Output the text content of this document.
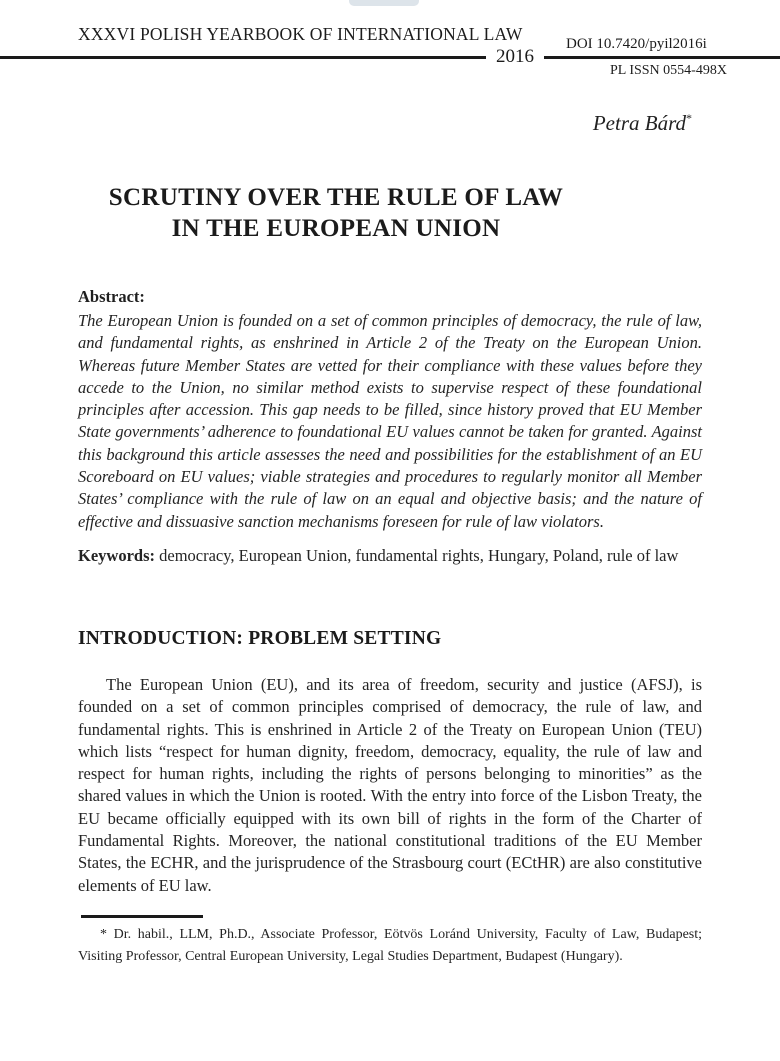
XXXVI POLISH YEARBOOK OF INTERNATIONAL LAW
2016
DOI 10.7420/pyil2016i
PL ISSN 0554-498X
Petra Bárd*
SCRUTINY OVER THE RULE OF LAW
IN THE EUROPEAN UNION
Abstract:
The European Union is founded on a set of common principles of democracy, the rule of law, and fundamental rights, as enshrined in Article 2 of the Treaty on the European Union. Whereas future Member States are vetted for their compliance with these values before they accede to the Union, no similar method exists to supervise respect of these foundational principles after accession. This gap needs to be filled, since history proved that EU Member State governments’ adherence to foundational EU values cannot be taken for granted. Against this background this article assesses the need and possibilities for the establishment of an EU Scoreboard on EU values; viable strategies and procedures to regularly monitor all Member States’ compliance with the rule of law on an equal and objective basis; and the nature of effective and dissuasive sanction mechanisms foreseen for rule of law violators.
Keywords: democracy, European Union, fundamental rights, Hungary, Poland, rule of law
INTRODUCTION: PROBLEM SETTING
The European Union (EU), and its area of freedom, security and justice (AFSJ), is founded on a set of common principles comprised of democracy, the rule of law, and fundamental rights. This is enshrined in Article 2 of the Treaty on European Union (TEU) which lists “respect for human dignity, freedom, democracy, equality, the rule of law and respect for human rights, including the rights of persons belonging to minorities” as the shared values in which the Union is rooted. With the entry into force of the Lisbon Treaty, the EU became officially equipped with its own bill of rights in the form of the Charter of Fundamental Rights. Moreover, the national constitutional traditions of the EU Member States, the ECHR, and the jurisprudence of the Strasbourg court (ECtHR) are also constitutive elements of EU law.
* Dr. habil., LLM, Ph.D., Associate Professor, Eötvös Loránd University, Faculty of Law, Budapest; Visiting Professor, Central European University, Legal Studies Department, Budapest (Hungary).
